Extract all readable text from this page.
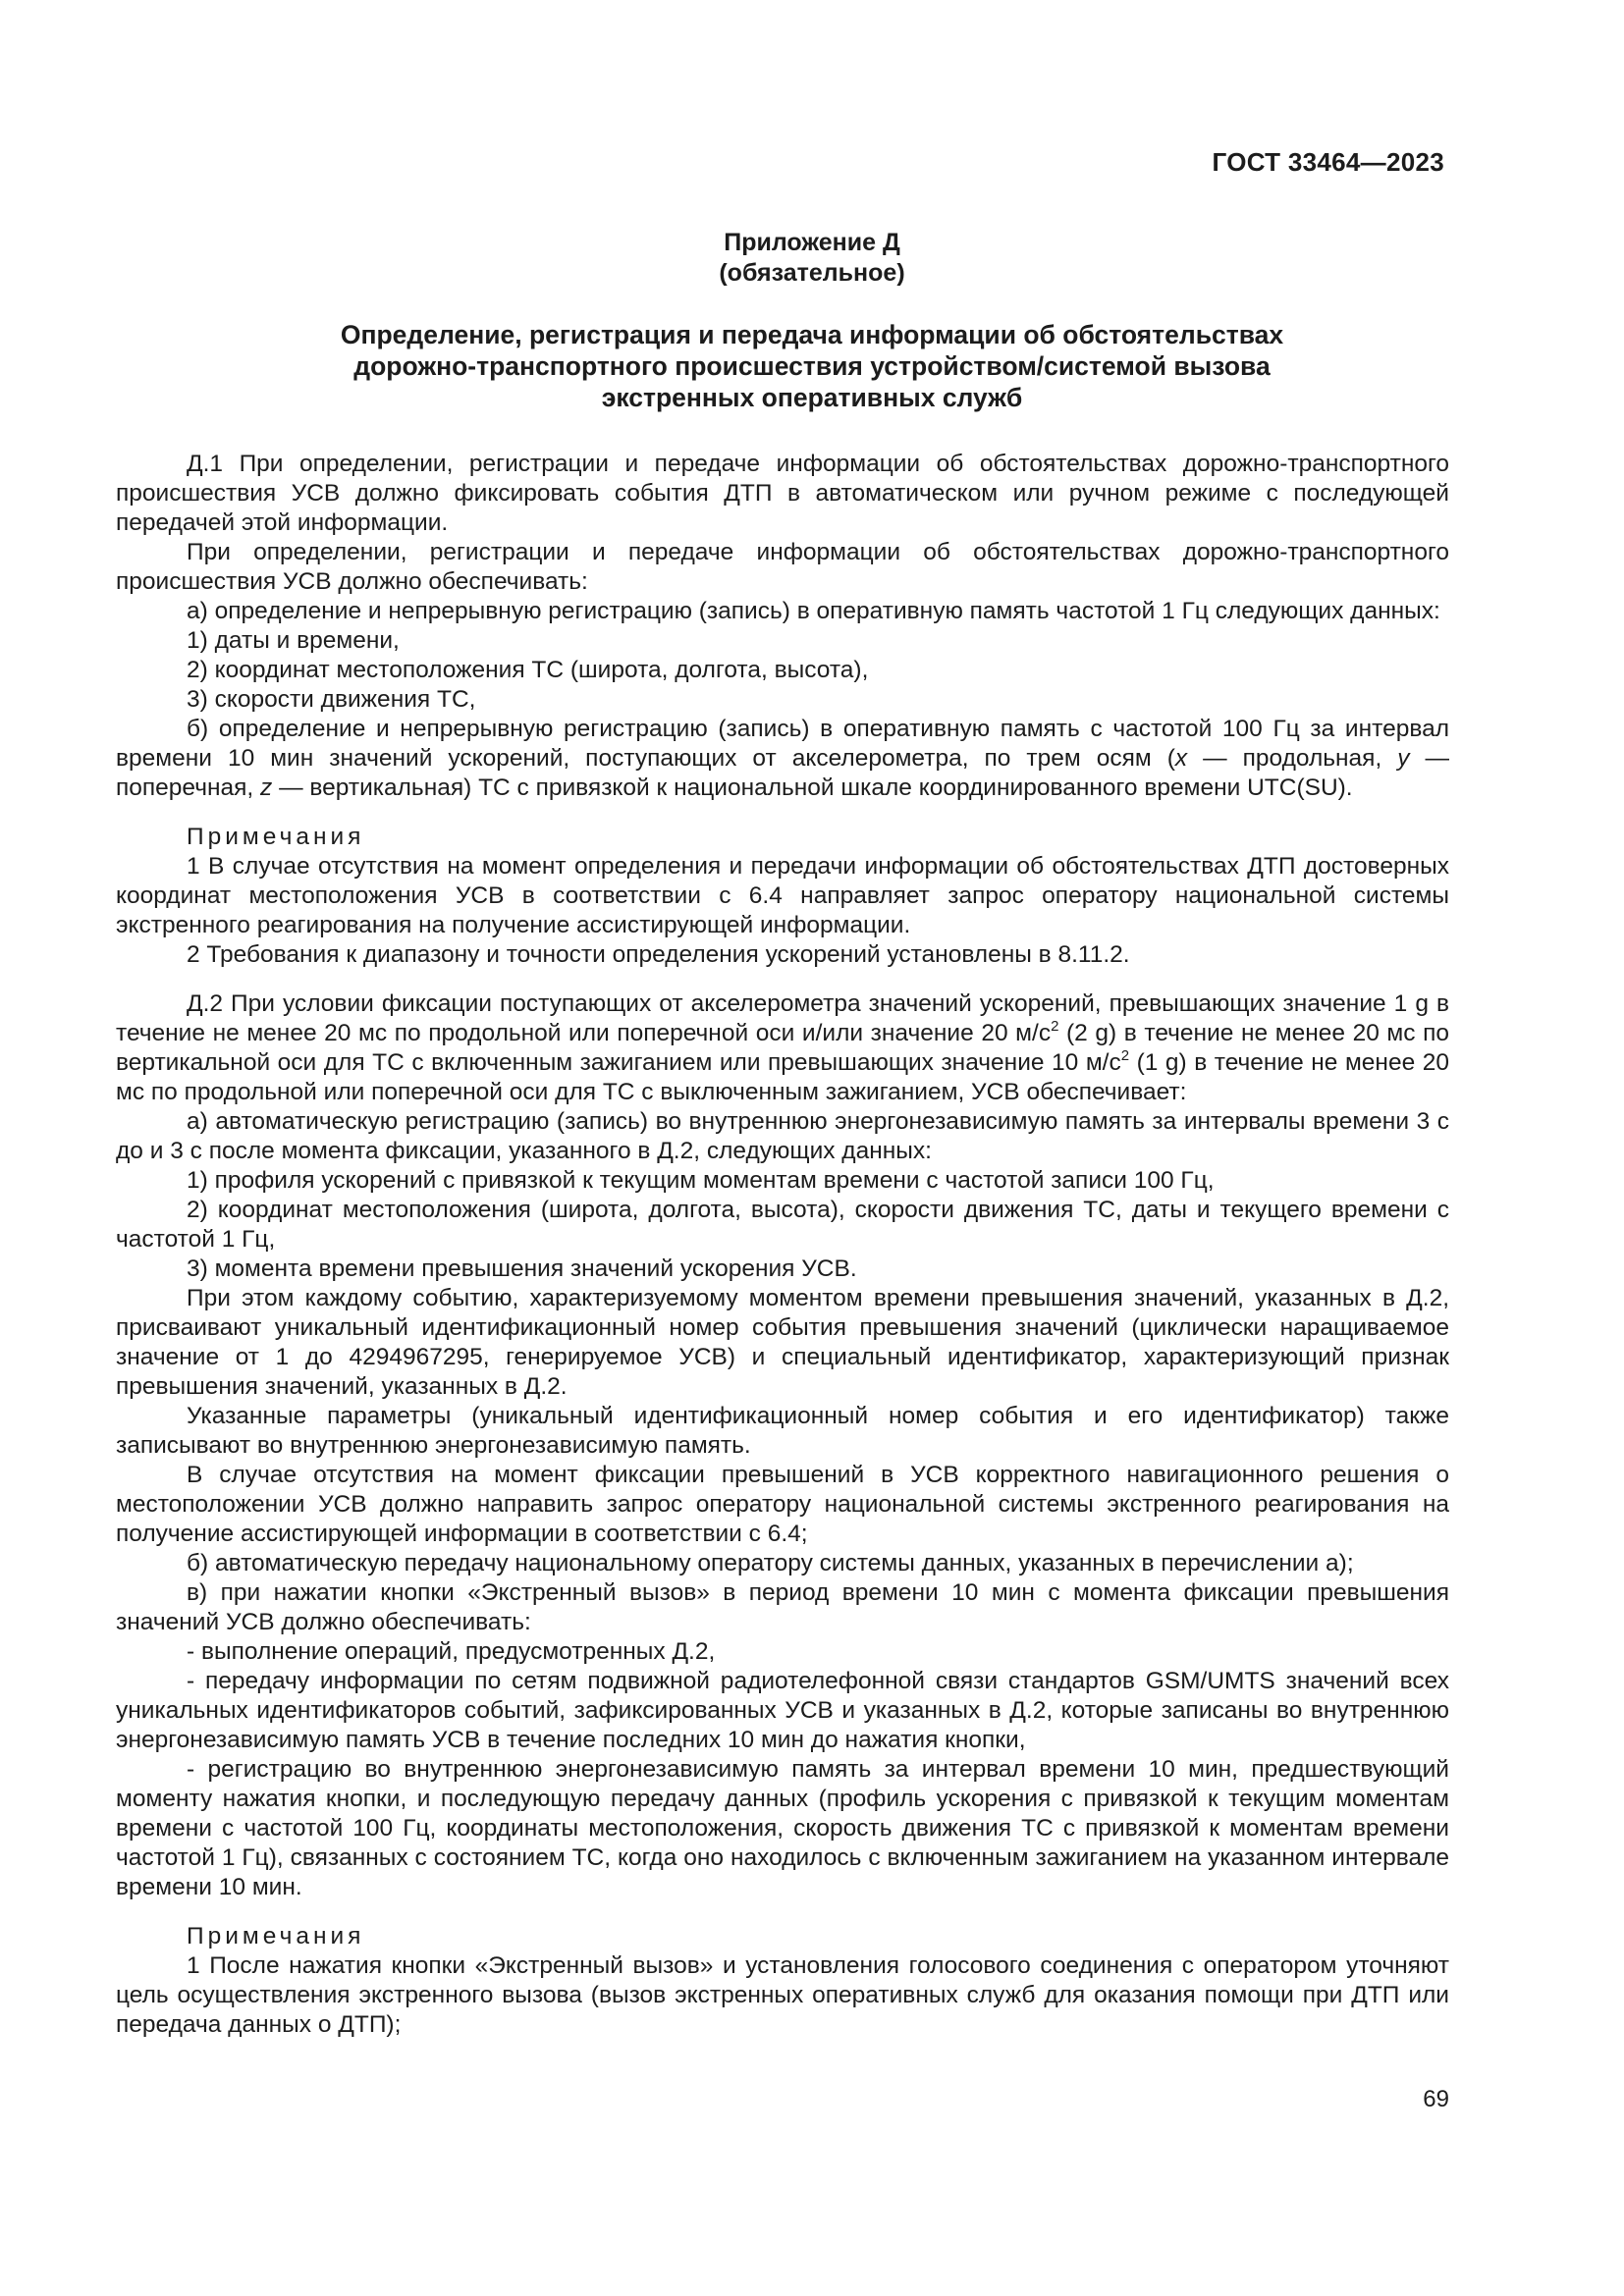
ГОСТ 33464—2023
Приложение Д
(обязательное)
Определение, регистрация и передача информации об обстоятельствах
дорожно-транспортного происшествия устройством/системой вызова
экстренных оперативных служб

Д.1 При определении, регистрации и передаче информации об обстоятельствах дорожно-транспортного происшествия УСВ должно фиксировать события ДТП в автоматическом или ручном режиме с последующей передачей этой информации.

При определении, регистрации и передаче информации об обстоятельствах дорожно-транспортного происшествия УСВ должно обеспечивать:

а) определение и непрерывную регистрацию (запись) в оперативную память частотой 1 Гц следующих данных:

1) даты и времени,

2) координат местоположения ТС (широта, долгота, высота),

3) скорости движения ТС,

б) определение и непрерывную регистрацию (запись) в оперативную память с частотой 100 Гц за интервал времени 10 мин значений ускорений, поступающих от акселерометра, по трем осям (x — продольная, y — поперечная, z — вертикальная) ТС с привязкой к национальной шкале координированного времени UTC(SU).

Примечания

1 В случае отсутствия на момент определения и передачи информации об обстоятельствах ДТП достоверных координат местоположения УСВ в соответствии с 6.4 направляет запрос оператору национальной системы экстренного реагирования на получение ассистирующей информации.

2 Требования к диапазону и точности определения ускорений установлены в 8.11.2.

Д.2 При условии фиксации поступающих от акселерометра значений ускорений, превышающих значение 1 g в течение не менее 20 мс по продольной или поперечной оси и/или значение 20 $м/с^2$ (2 g) в течение не менее 20 мс по вертикальной оси для ТС с включенным зажиганием или превышающих значение 10 $м/с^2$ (1 g) в течение не менее 20 мс по продольной или поперечной оси для ТС с выключенным зажиганием, УСВ обеспечивает:

а) автоматическую регистрацию (запись) во внутреннюю энергонезависимую память за интервалы времени 3 с до и 3 с после момента фиксации, указанного в Д.2, следующих данных:

1) профиля ускорений с привязкой к текущим моментам времени с частотой записи 100 Гц,

2) координат местоположения (широта, долгота, высота), скорости движения ТС, даты и текущего времени с частотой 1 Гц,

3) момента времени превышения значений ускорения УСВ.

При этом каждому событию, характеризуемому моментом времени превышения значений, указанных в Д.2, присваивают уникальный идентификационный номер события превышения значений (циклически наращиваемое значение от 1 до 4294967295, генерируемое УСВ) и специальный идентификатор, характеризующий признак превышения значений, указанных в Д.2.

Указанные параметры (уникальный идентификационный номер события и его идентификатор) также записывают во внутреннюю энергонезависимую память.

В случае отсутствия на момент фиксации превышений в УСВ корректного навигационного решения о местоположении УСВ должно направить запрос оператору национальной системы экстренного реагирования на получение ассистирующей информации в соответствии с 6.4;

б) автоматическую передачу национальному оператору системы данных, указанных в перечислении а);

в) при нажатии кнопки «Экстренный вызов» в период времени 10 мин с момента фиксации превышения значений УСВ должно обеспечивать:

- выполнение операций, предусмотренных Д.2,

- передачу информации по сетям подвижной радиотелефонной связи стандартов GSM/UMTS значений всех уникальных идентификаторов событий, зафиксированных УСВ и указанных в Д.2, которые записаны во внутреннюю энергонезависимую память УСВ в течение последних 10 мин до нажатия кнопки,

- регистрацию во внутреннюю энергонезависимую память за интервал времени 10 мин, предшествующий моменту нажатия кнопки, и последующую передачу данных (профиль ускорения с привязкой к текущим моментам времени с частотой 100 Гц, координаты местоположения, скорость движения ТС с привязкой к моментам времени частотой 1 Гц), связанных с состоянием ТС, когда оно находилось с включенным зажиганием на указанном интервале времени 10 мин.

Примечания

1 После нажатия кнопки «Экстренный вызов» и установления голосового соединения с оператором уточняют цель осуществления экстренного вызова (вызов экстренных оперативных служб для оказания помощи при ДТП или передача данных о ДТП);

69
